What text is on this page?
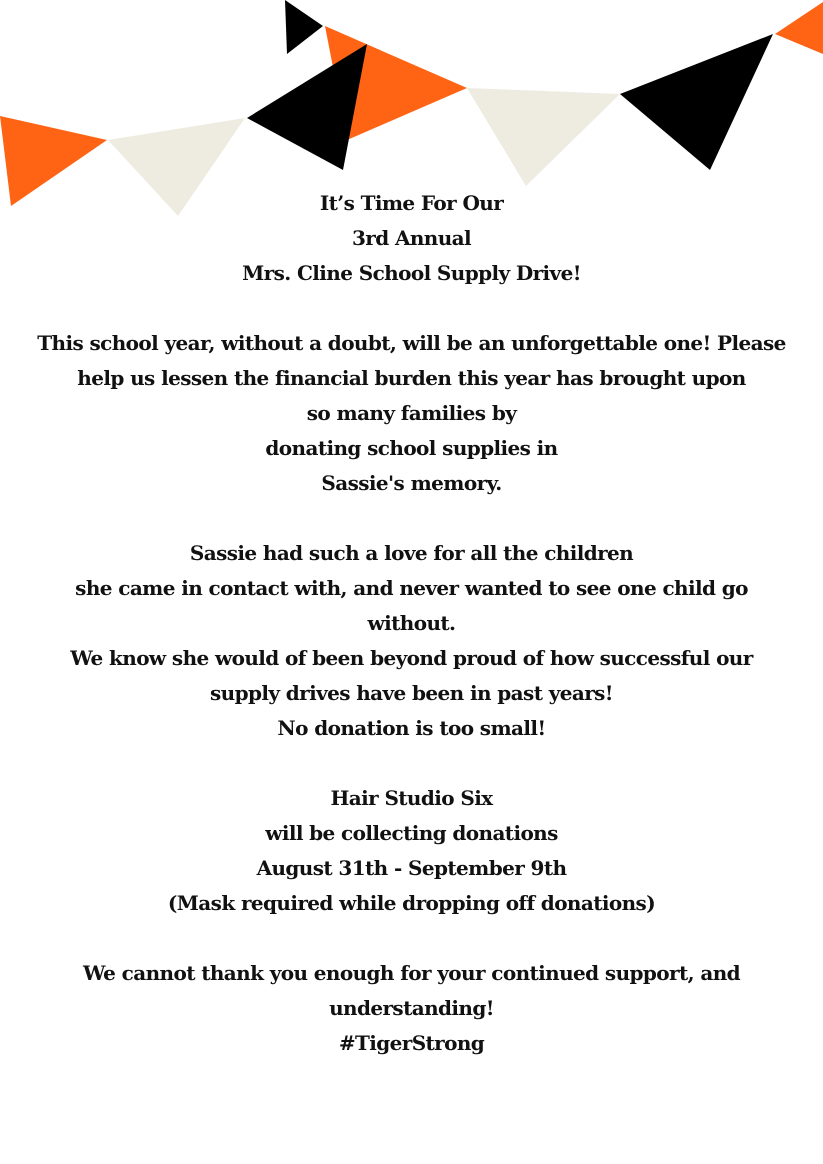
It’s Time For Our
3rd Annual
Mrs. Cline School Supply Drive!
This school year, without a doubt, will be an unforgettable one! Please
help us lessen the financial burden this year has brought upon
so many families by
donating school supplies in
Sassie's memory.
Sassie had such a love for all the children
she came in contact with, and never wanted to see one child go
without.
We know she would of been beyond proud of how successful our
supply drives have been in past years!
No donation is too small!
Hair Studio Six
will be collecting donations
August 31th - September 9th
(Mask required while dropping off donations)
We cannot thank you enough for your continued support, and
understanding!
#TigerStrong
